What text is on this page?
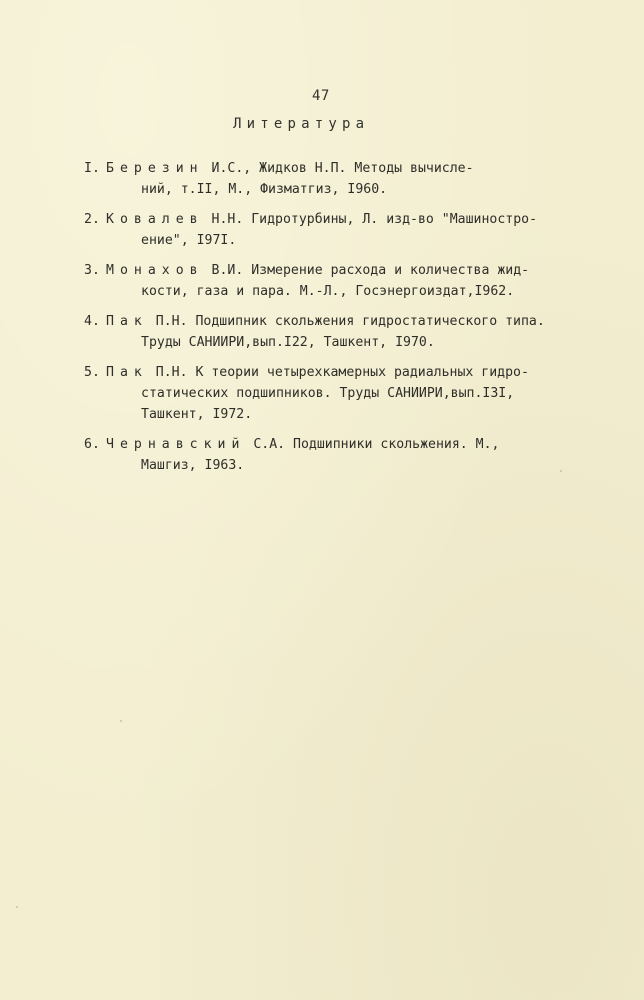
47
Литература
I. Березин И.С., Жидков Н.П. Методы вычисле-
ний, т.II, М., Физматгиз, I960.
2. Ковалев Н.Н. Гидротурбины, Л. изд-во "Машиностро-
ение", I97I.
3. Монахов В.И. Измерение расхода и количества жид-
кости, газа и пара. М.-Л., Госэнергоиздат,I962.
4. Пак П.Н. Подшипник скольжения гидростатического типа.
Труды САНИИРИ,вып.I22, Ташкент, I970.
5. Пак П.Н. К теории четырехкамерных радиальных гидро-
статических подшипников. Труды САНИИРИ,вып.I3I,
Ташкент, I972.
6. Чернавский С.А. Подшипники скольжения. М.,
Машгиз, I963.
